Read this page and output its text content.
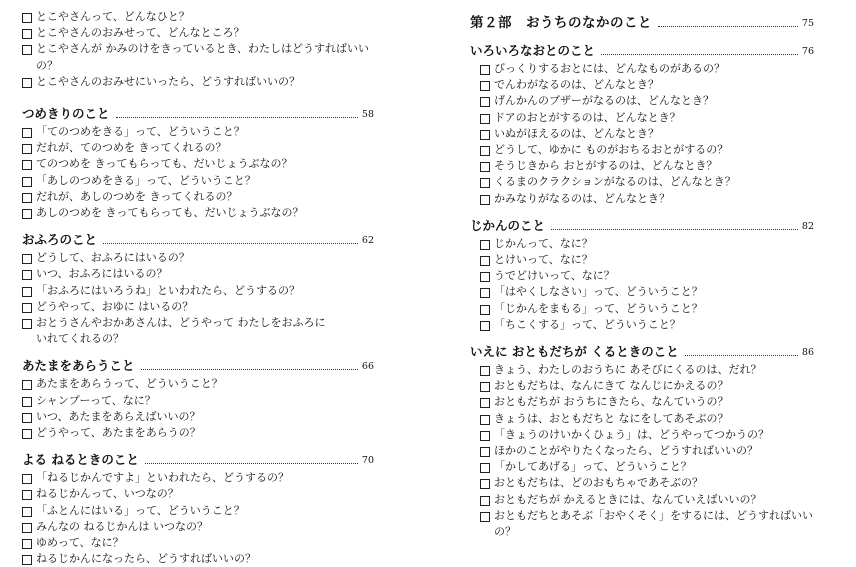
とこやさんって、どんなひと？
とこやさんのおみせって、どんなところ？
とこやさんが かみのけをきっているとき、わたしはどうすればいいの？
とこやさんのおみせにいったら、どうすればいいの？
つめきりのこと	58
「てのつめをきる」って、どういうこと？
だれが、てのつめを きってくれるの？
てのつめを きってもらっても、だいじょうぶなの？
「あしのつめをきる」って、どういうこと？
だれが、あしのつめを きってくれるの？
あしのつめを きってもらっても、だいじょうぶなの？
おふろのこと	62
どうして、おふろにはいるの？
いつ、おふろにはいるの？
「おふろにはいろうね」といわれたら、どうするの？
どうやって、おゆに はいるの？
おとうさんやおかあさんは、どうやって わたしをおふろに
いれてくれるの？
あたまをあらうこと	66
あたまをあらうって、どういうこと？
シャンプーって、なに？
いつ、あたまをあらえばいいの？
どうやって、あたまをあらうの？
よる ねるときのこと	70
「ねるじかんですよ」といわれたら、どうするの？
ねるじかんって、いつなの？
「ふとんにはいる」って、どういうこと？
みんなの ねるじかんは いつなの？
ゆめって、なに？
ねるじかんになったら、どうすればいいの？
第２部　おうちのなかのこと	75
いろいろなおとのこと	76
びっくりするおとには、どんなものがあるの？
でんわがなるのは、どんなとき？
げんかんのブザーがなるのは、どんなとき？
ドアのおとがするのは、どんなとき？
いぬがほえるのは、どんなとき？
どうして、ゆかに ものがおちるおとがするの？
そうじきから おとがするのは、どんなとき？
くるまのクラクションがなるのは、どんなとき？
かみなりがなるのは、どんなとき？
じかんのこと	82
じかんって、なに？
とけいって、なに？
うでどけいって、なに？
「はやくしなさい」って、どういうこと？
「じかんをまもる」って、どういうこと？
「ちこくする」って、どういうこと？
いえに おともだちが くるときのこと	86
きょう、わたしのおうちに あそびにくるのは、だれ？
おともだちは、なんにきて なんじにかえるの？
おともだちが おうちにきたら、なんていうの？
きょうは、おともだちと なにをしてあそぶの？
「きょうのけいかくひょう」は、どうやってつかうの？
ほかのことがやりたくなったら、どうすればいいの？
「かしてあげる」って、どういうこと？
おともだちは、どのおもちゃであそぶの？
おともだちが かえるときには、なんていえばいいの？
おともだちとあそぶ「おやくそく」をするには、どうすればいいの？
